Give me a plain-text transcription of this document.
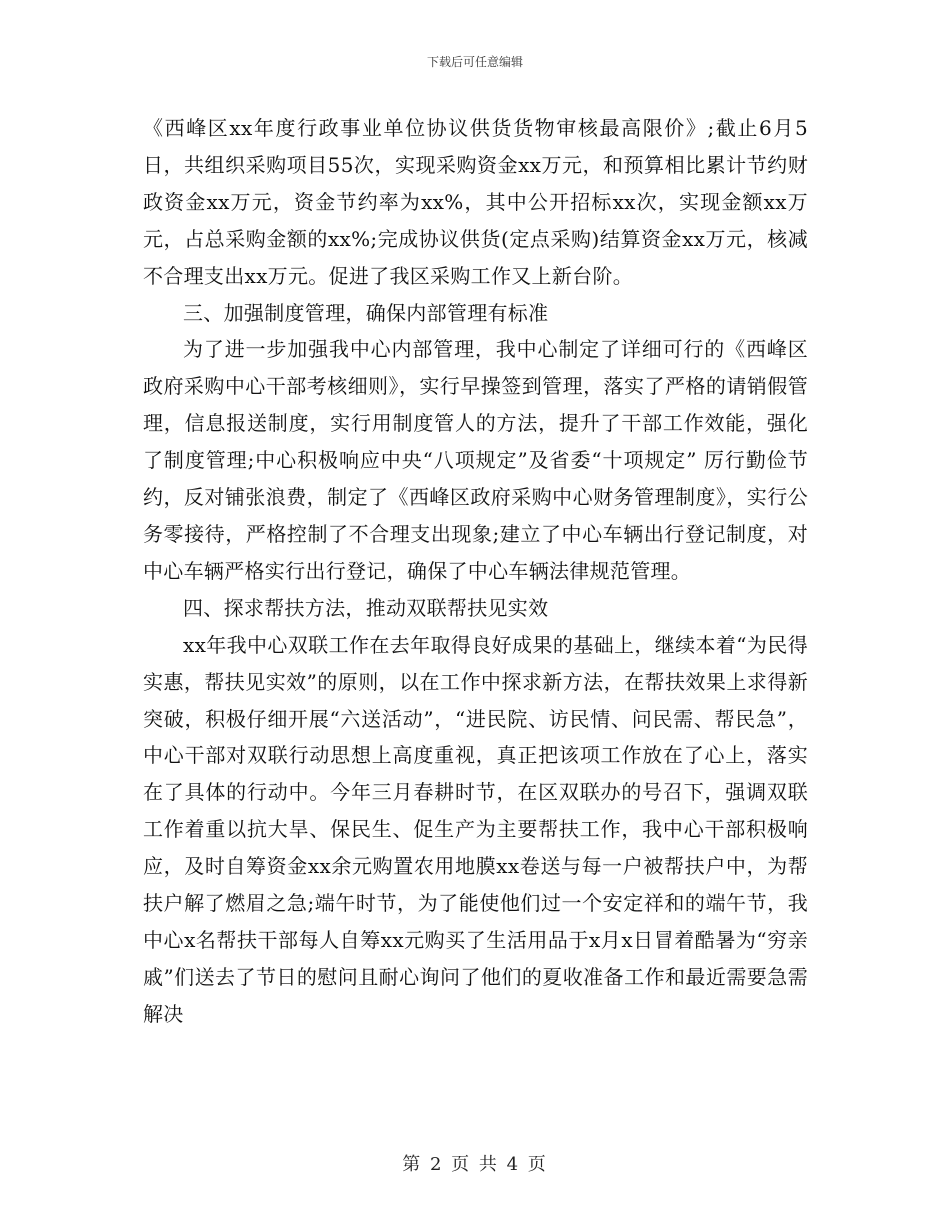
下载后可任意编辑

《西峰区xx年度行政事业单位协议供货货物审核最高限价》;截止6月5日，共组织采购项目55次，实现采购资金xx万元，和预算相比累计节约财政资金xx万元，资金节约率为xx%，其中公开招标xx次，实现金额xx万元，占总采购金额的xx%;完成协议供货(定点采购)结算资金xx万元，核减不合理支出xx万元。促进了我区采购工作又上新台阶。

三、加强制度管理，确保内部管理有标准

为了进一步加强我中心内部管理，我中心制定了详细可行的《西峰区政府采购中心干部考核细则》，实行早操签到管理，落实了严格的请销假管理，信息报送制度，实行用制度管人的方法，提升了干部工作效能，强化了制度管理;中心积极响应中央“八项规定”及省委“十项规定” 厉行勤俭节约，反对铺张浪费，制定了《西峰区政府采购中心财务管理制度》，实行公务零接待，严格控制了不合理支出现象;建立了中心车辆出行登记制度，对中心车辆严格实行出行登记，确保了中心车辆法律规范管理。

四、探求帮扶方法，推动双联帮扶见实效

xx年我中心双联工作在去年取得良好成果的基础上，继续本着“为民得实惠，帮扶见实效”的原则，以在工作中探求新方法，在帮扶效果上求得新突破，积极仔细开展“六送活动”，“进民院、访民情、问民需、帮民急”，中心干部对双联行动思想上高度重视，真正把该项工作放在了心上，落实在了具体的行动中。今年三月春耕时节，在区双联办的号召下，强调双联工作着重以抗大旱、保民生、促生产为主要帮扶工作，我中心干部积极响应，及时自筹资金xx余元购置农用地膜xx卷送与每一户被帮扶户中，为帮扶户解了燃眉之急;端午时节，为了能使他们过一个安定祥和的端午节，我中心x名帮扶干部每人自筹xx元购买了生活用品于x月x日冒着酷暑为“穷亲戚”们送去了节日的慰问且耐心询问了他们的夏收准备工作和最近需要急需解决

第 2 页 共 4 页
